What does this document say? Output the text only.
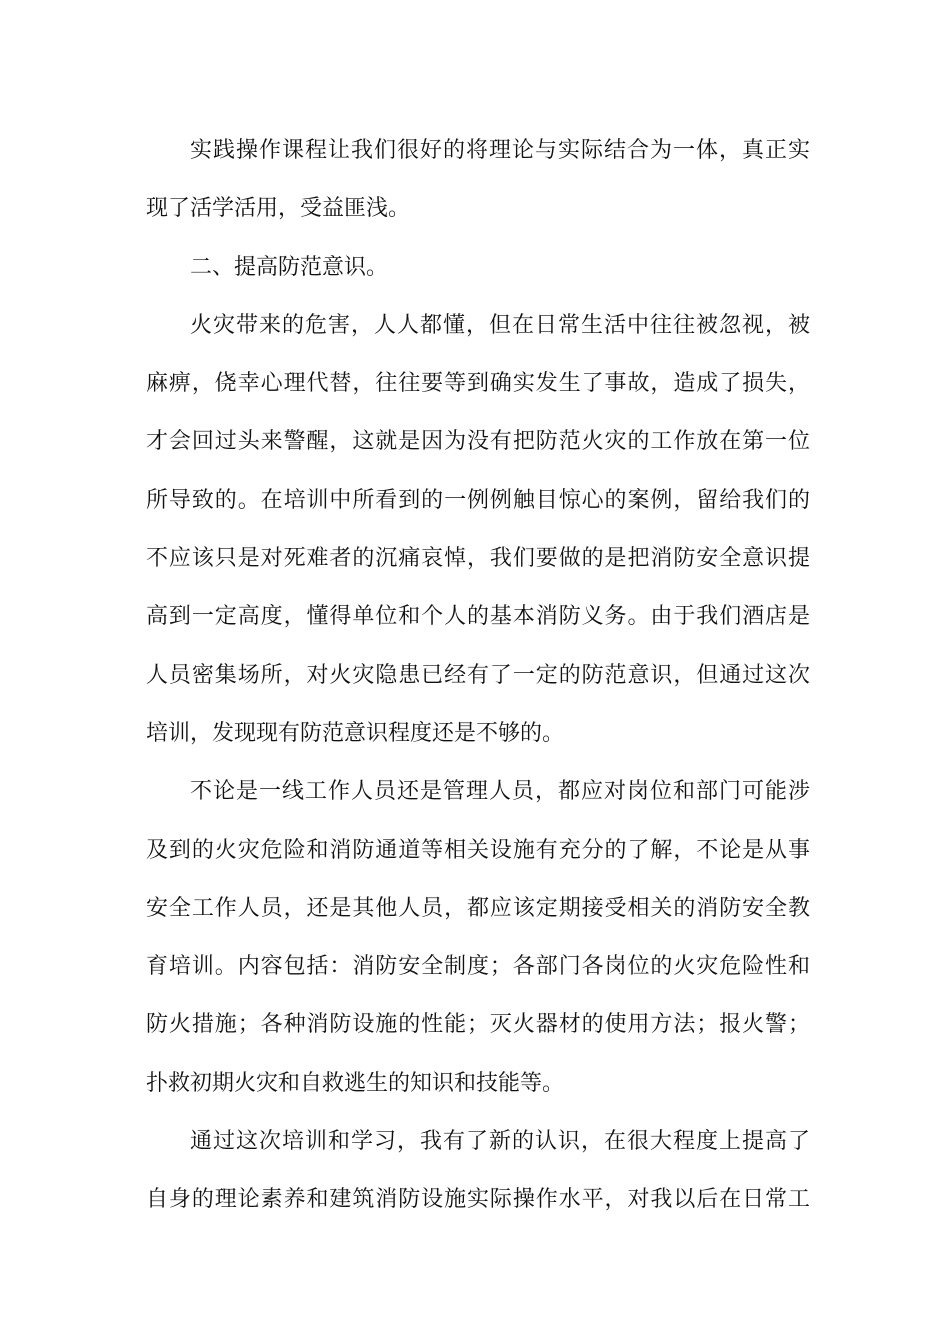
实践操作课程让我们很好的将理论与实际结合为一体，真正实
现了活学活用，受益匪浅。
二、提高防范意识。
火灾带来的危害，人人都懂，但在日常生活中往往被忽视，被
麻痹，侥幸心理代替，往往要等到确实发生了事故，造成了损失，
才会回过头来警醒，这就是因为没有把防范火灾的工作放在第一位
所导致的。在培训中所看到的一例例触目惊心的案例，留给我们的
不应该只是对死难者的沉痛哀悼，我们要做的是把消防安全意识提
高到一定高度，懂得单位和个人的基本消防义务。由于我们酒店是
人员密集场所，对火灾隐患已经有了一定的防范意识，但通过这次
培训，发现现有防范意识程度还是不够的。
不论是一线工作人员还是管理人员，都应对岗位和部门可能涉
及到的火灾危险和消防通道等相关设施有充分的了解，不论是从事
安全工作人员，还是其他人员，都应该定期接受相关的消防安全教
育培训。内容包括：消防安全制度；各部门各岗位的火灾危险性和
防火措施；各种消防设施的性能；灭火器材的使用方法；报火警；
扑救初期火灾和自救逃生的知识和技能等。
通过这次培训和学习，我有了新的认识，在很大程度上提高了
自身的理论素养和建筑消防设施实际操作水平，对我以后在日常工
